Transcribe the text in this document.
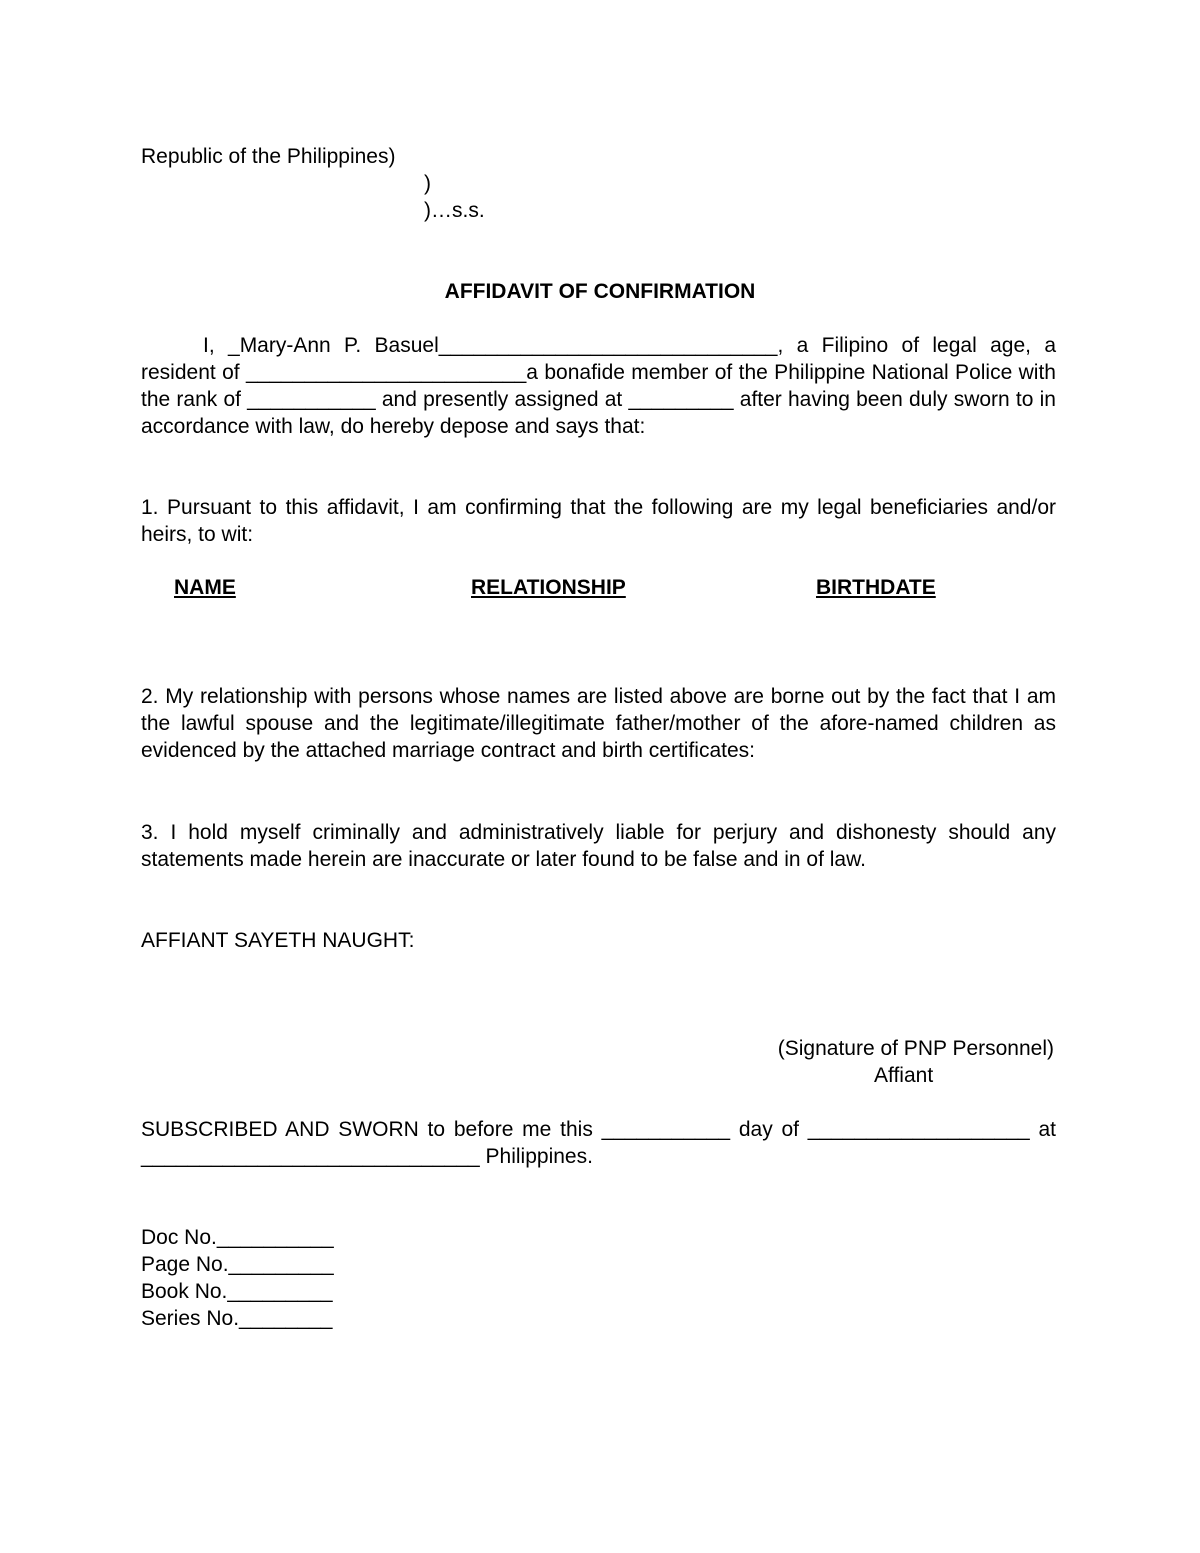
Republic of the Philippines)
)
)…s.s.
AFFIDAVIT OF CONFIRMATION
I, _Mary-Ann P. Basuel_____________________________, a Filipino of legal age, a resident of ________________________a bonafide member of the Philippine National Police with the rank of ___________ and presently assigned at _________ after having been duly sworn to in accordance with law, do hereby depose and says that:
1. Pursuant to this affidavit, I am confirming that the following are my legal beneficiaries and/or heirs, to wit:
NAME	RELATIONSHIP	BIRTHDATE
2. My relationship with persons whose names are listed above are borne out by the fact that I am the lawful spouse and the legitimate/illegitimate father/mother of the afore-named children as evidenced by the attached marriage contract and birth certificates:
3. I hold myself criminally and administratively liable for perjury and dishonesty should any statements made herein are inaccurate or later found to be false and in of law.
AFFIANT SAYETH NAUGHT:
(Signature of PNP Personnel)
Affiant
SUBSCRIBED AND SWORN to before me this ___________ day of ___________________ at _____________________________ Philippines.
Doc No.__________
Page No._________
Book No._________
Series No.________
